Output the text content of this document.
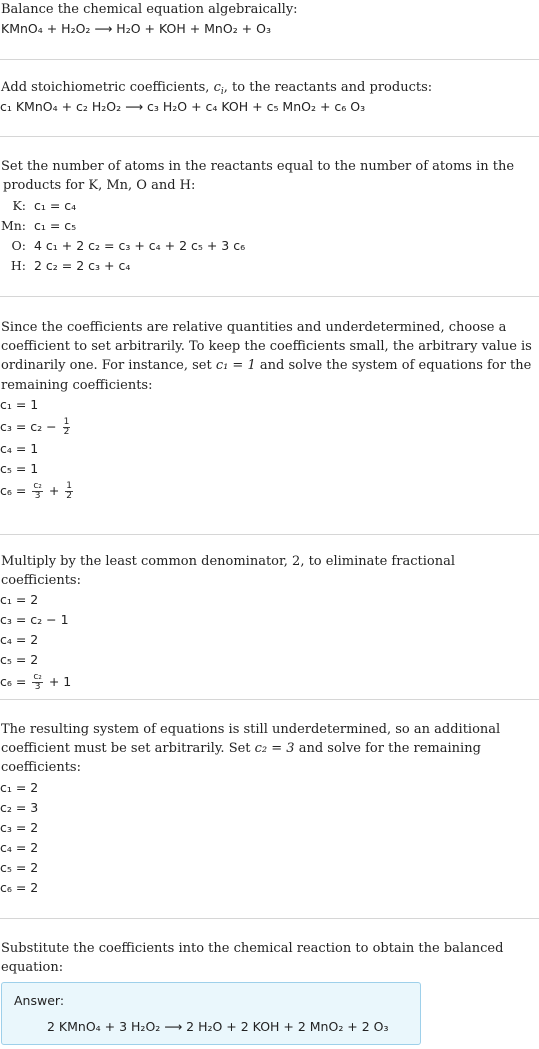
Balance the chemical equation algebraically:

KMnO₄ + H₂O₂ ⟶ H₂O + KOH + MnO₂ + O₃

Add stoichiometric coefficients, $c_i$, to the reactants and products:

c₁ KMnO₄ + c₂ H₂O₂ ⟶ c₃ H₂O + c₄ KOH + c₅ MnO₂ + c₆ O₃

Set the number of atoms in the reactants equal to the number of atoms in the

products for K, Mn, O and H:

K:	c₁ = c₄
Mn:	c₁ = c₅
O:	4 c₁ + 2 c₂ = c₃ + c₄ + 2 c₅ + 3 c₆
H:	2 c₂ = 2 c₃ + c₄

Since the coefficients are relative quantities and underdetermined, choose a

coefficient to set arbitrarily. To keep the coefficients small, the arbitrary value is

ordinarily one. For instance, set c₁ = 1 and solve the system of equations for the

remaining coefficients:

c₁ = 1
$c_3 = c_2 - \frac{1}{2}$
c₄ = 1
c₅ = 1
$c_6 = \frac{\text{c₂}}{3} + \frac{1}{2}$

Multiply by the least common denominator, 2, to eliminate fractional coefficients:

c₁ = 2
c₃ = c₂ − 1
c₄ = 2
c₅ = 2
$c_6 = \frac{\text{c₂}}{3} + 1$

The resulting system of equations is still underdetermined, so an additional

coefficient must be set arbitrarily. Set c₂ = 3 and solve for the remaining

coefficients:

c₁ = 2
c₂ = 3
c₃ = 2
c₄ = 2
c₅ = 2
c₆ = 2

Substitute the coefficients into the chemical reaction to obtain the balanced

equation:

Answer:
2 KMnO₄ + 3 H₂O₂ ⟶ 2 H₂O + 2 KOH + 2 MnO₂ + 2 O₃
